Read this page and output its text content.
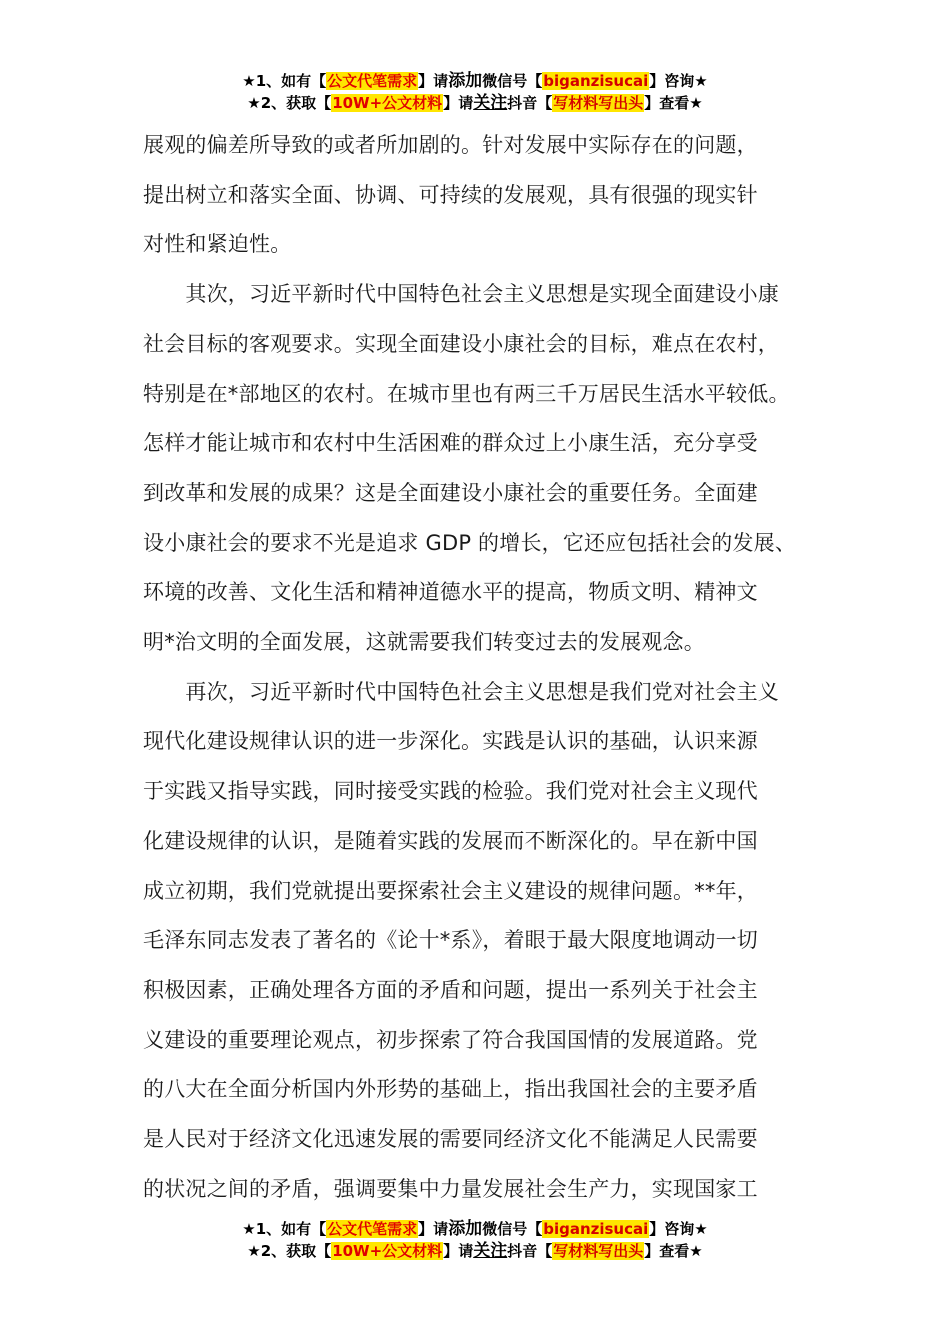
★1、如有【公文代笔需求】请添加微信号【biganzisucai】咨询★
★2、获取【10W+公文材料】请关注抖音【写材料写出头】查看★

展观的偏差所导致的或者所加剧的。针对发展中实际存在的问题，
提出树立和落实全面、协调、可持续的发展观，具有很强的现实针
对性和紧迫性。

　　其次，习近平新时代中国特色社会主义思想是实现全面建设小康
社会目标的客观要求。实现全面建设小康社会的目标，难点在农村，
特别是在*部地区的农村。在城市里也有两三千万居民生活水平较低。
怎样才能让城市和农村中生活困难的群众过上小康生活，充分享受
到改革和发展的成果？这是全面建设小康社会的重要任务。全面建
设小康社会的要求不光是追求 GDP 的增长，它还应包括社会的发展、
环境的改善、文化生活和精神道德水平的提高，物质文明、精神文
明*治文明的全面发展，这就需要我们转变过去的发展观念。

　　再次，习近平新时代中国特色社会主义思想是我们党对社会主义
现代化建设规律认识的进一步深化。实践是认识的基础，认识来源
于实践又指导实践，同时接受实践的检验。我们党对社会主义现代
化建设规律的认识，是随着实践的发展而不断深化的。早在新中国
成立初期，我们党就提出要探索社会主义建设的规律问题。**年，
毛泽东同志发表了著名的《论十*系》，着眼于最大限度地调动一切
积极因素，正确处理各方面的矛盾和问题，提出一系列关于社会主
义建设的重要理论观点，初步探索了符合我国国情的发展道路。党
的八大在全面分析国内外形势的基础上，指出我国社会的主要矛盾
是人民对于经济文化迅速发展的需要同经济文化不能满足人民需要
的状况之间的矛盾，强调要集中力量发展社会生产力，实现国家工

★1、如有【公文代笔需求】请添加微信号【biganzisucai】咨询★
★2、获取【10W+公文材料】请关注抖音【写材料写出头】查看★
